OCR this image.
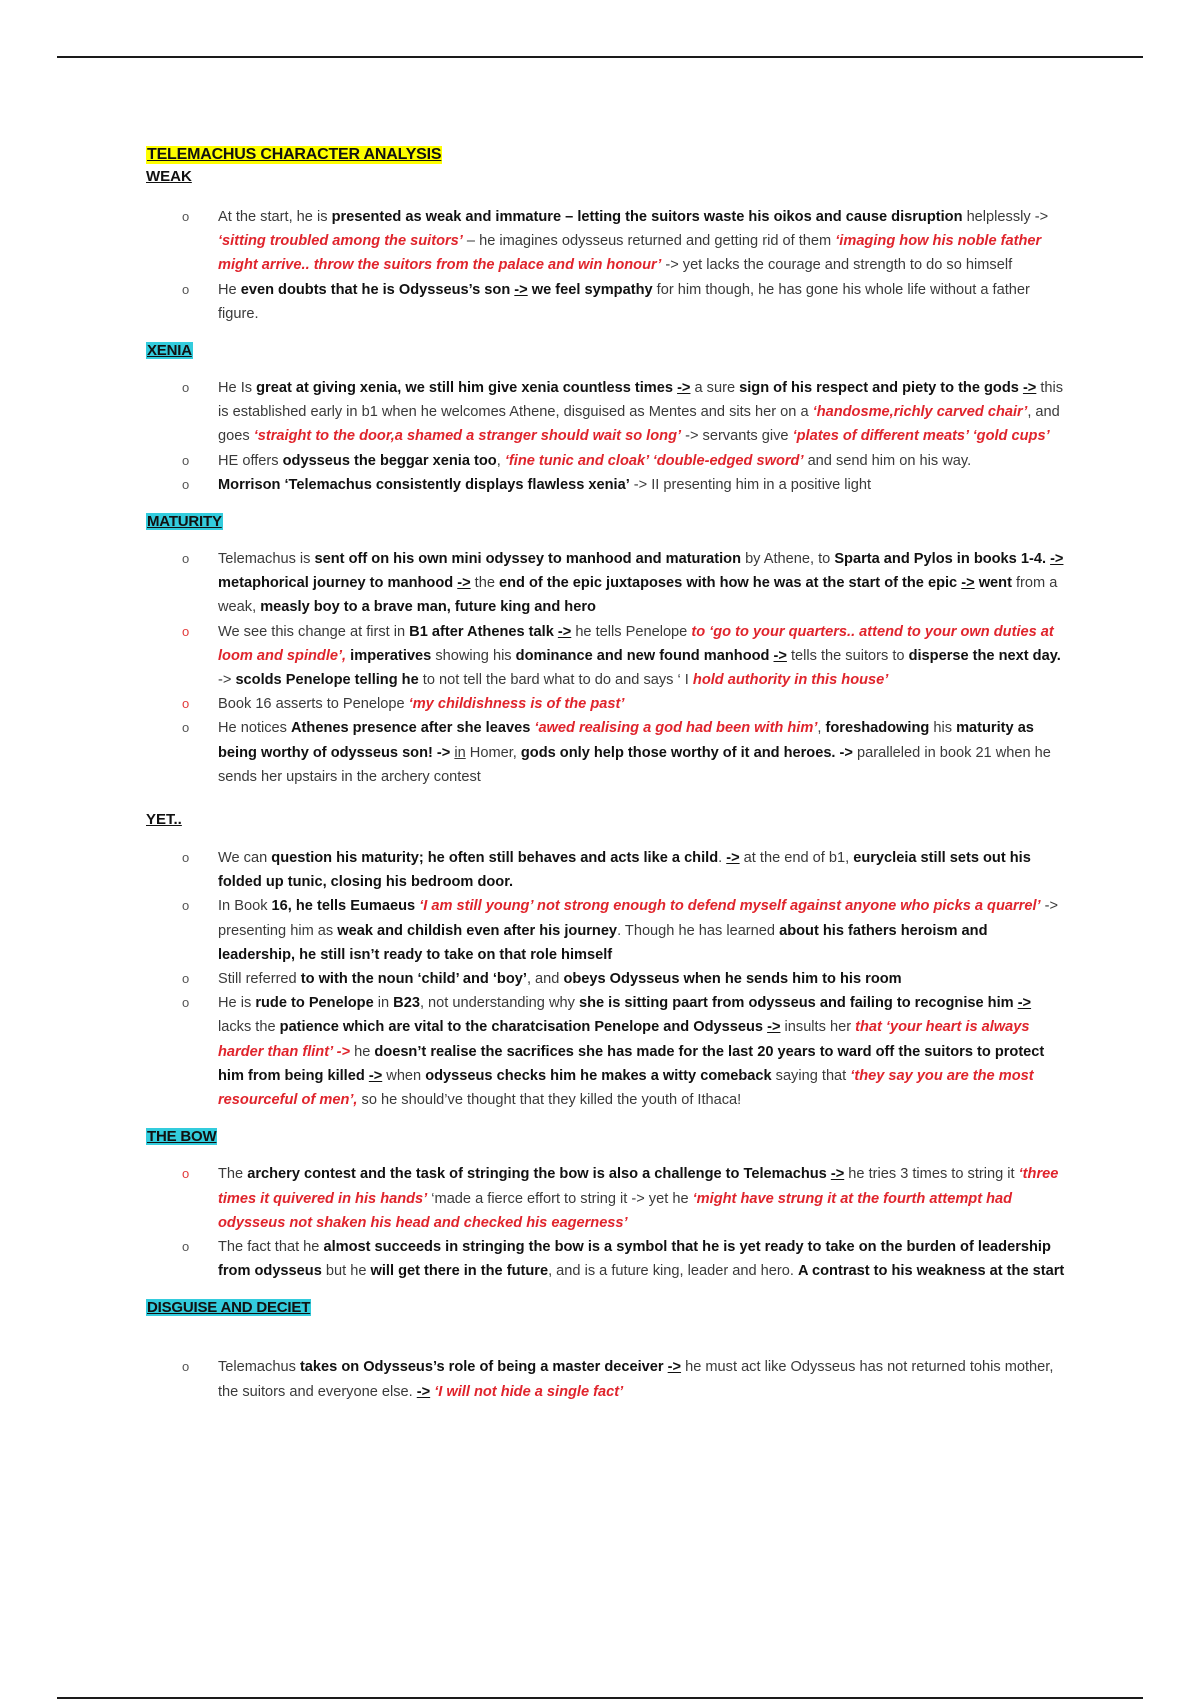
TELEMACHUS CHARACTER ANALYSIS
WEAK
o At the start, he is presented as weak and immature – letting the suitors waste his oikos and cause disruption helplessly -> ‘sitting troubled among the suitors’ – he imagines odysseus returned and getting rid of them ‘imaging how his noble father might arrive.. throw the suitors from the palace and win honour’ -> yet lacks the courage and strength to do so himself
o He even doubts that he is Odysseus’s son -> we feel sympathy for him though, he has gone his whole life without a father figure.
XENIA
o He Is great at giving xenia, we still him give xenia countless times -> a sure sign of his respect and piety to the gods -> this is established early in b1 when he welcomes Athene, disguised as Mentes and sits her on a ‘handosme,richly carved chair’, and goes ‘straight to the door,a shamed a stranger should wait so long’ -> servants give ‘plates of different meats’ ‘gold cups’
o HE offers odysseus the beggar xenia too, ‘fine tunic and cloak’ ‘double-edged sword’ and send him on his way.
o Morrison ‘Telemachus consistently displays flawless xenia’ -> II presenting him in a positive light
MATURITY
o Telemachus is sent off on his own mini odyssey to manhood and maturation by Athene, to Sparta and Pylos in books 1-4. -> metaphorical journey to manhood -> the end of the epic juxtaposes with how he was at the start of the epic -> went from a weak, measly boy to a brave man, future king and hero
o We see this change at first in B1 after Athenes talk -> he tells Penelope to ‘go to your quarters.. attend to your own duties at loom and spindle’, imperatives showing his dominance and new found manhood -> tells the suitors to disperse the next day. -> scolds Penelope telling he to not tell the bard what to do and says ‘ I hold authority in this house’
o Book 16 asserts to Penelope ‘my childishness is of the past’
o He notices Athenes presence after she leaves ‘awed realising a god had been with him’, foreshadowing his maturity as being worthy of odysseus son! -> in Homer, gods only help those worthy of it and heroes. -> paralleled in book 21 when he sends her upstairs in the archery contest
YET..
o We can question his maturity; he often still behaves and acts like a child. -> at the end of b1, eurycleia still sets out his folded up tunic, closing his bedroom door.
o In Book 16, he tells Eumaeus ‘I am still young’ not strong enough to defend myself against anyone who picks a quarrel’ -> presenting him as weak and childish even after his journey. Though he has learned about his fathers heroism and leadership, he still isn’t ready to take on that role himself
o Still referred to with the noun ‘child’ and ‘boy’, and obeys Odysseus when he sends him to his room
o He is rude to Penelope in B23, not understanding why she is sitting paart from odysseus and failing to recognise him -> lacks the patience which are vital to the charatcisation Penelope and Odysseus -> insults her that ‘your heart is always harder than flint’ -> he doesn’t realise the sacrifices she has made for the last 20 years to ward off the suitors to protect him from being killed -> when odysseus checks him he makes a witty comeback saying that ‘they say you are the most resourceful of men’, so he should’ve thought that they killed the youth of Ithaca!
THE BOW
o The archery contest and the task of stringing the bow is also a challenge to Telemachus -> he tries 3 times to string it ‘three times it quivered in his hands’ ‘made a fierce effort to string it -> yet he ‘might have strung it at the fourth attempt had odysseus not shaken his head and checked his eagerness’
o The fact that he almost succeeds in stringing the bow is a symbol that he is yet ready to take on the burden of leadership from odysseus but he will get there in the future, and is a future king, leader and hero. A contrast to his weakness at the start
DISGUISE AND DECIET
o Telemachus takes on Odysseus’s role of being a master deceiver -> he must act like Odysseus has not returned tohis mother, the suitors and everyone else. -> ‘I will not hide a single fact’
